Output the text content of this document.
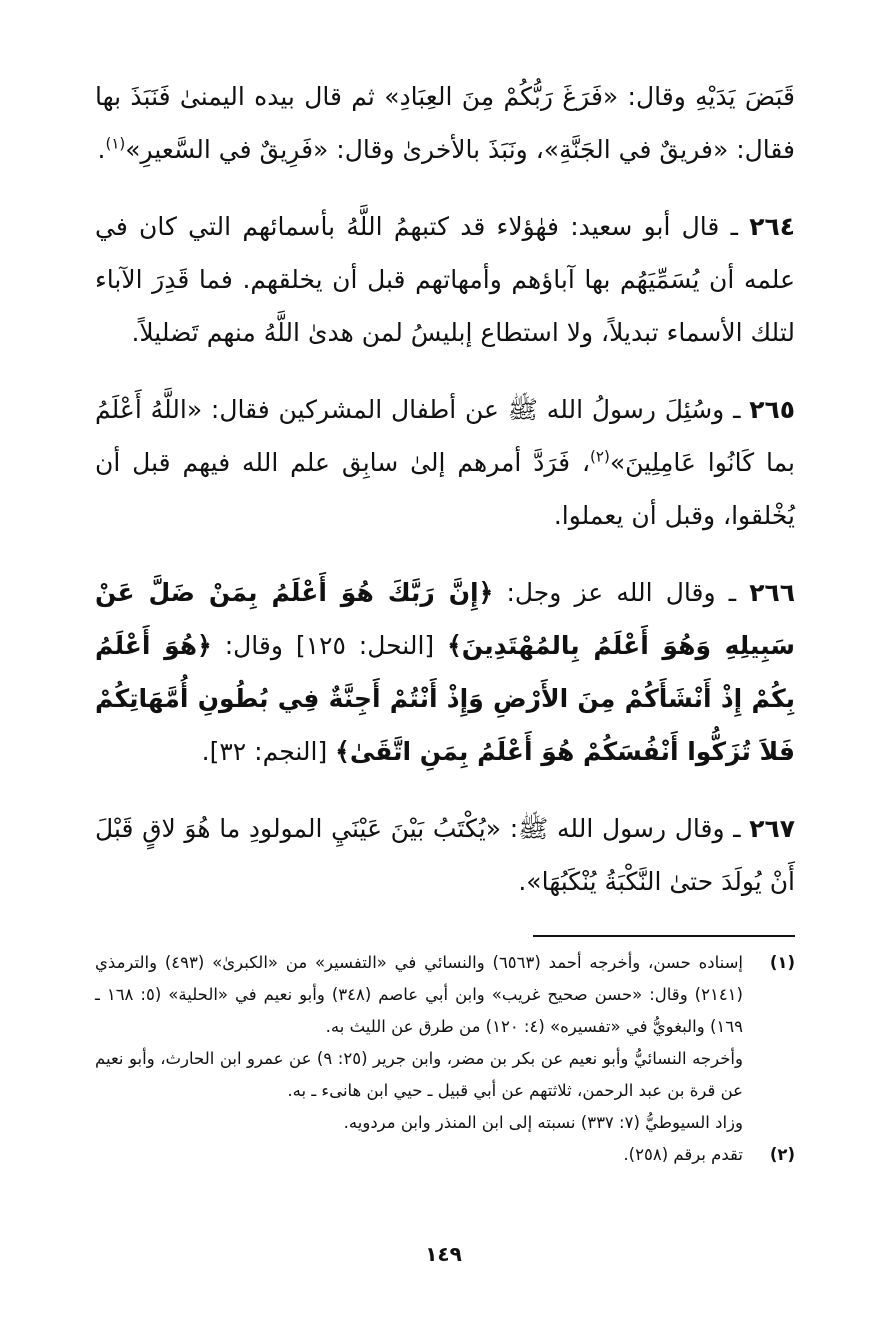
قَبَضَ يَدَيْهِ وقال: «فَرَغَ رَبُّكُمْ مِنَ العِبَادِ» ثم قال بيده اليمنىٰ فَنَبَذَ بها فقال: «فريقٌ في الجَنَّةِ»، ونَبَذَ بالأخرىٰ وقال: «فَرِيقٌ في السَّعيرِ»$^{(١)}$.

٢٦٤ ـ قال أبو سعيد: فهٰؤلاء قد كتبهمُ اللَّهُ بأسمائهم التي كان في علمه أن يُسَمِّيَهُم بها آباؤهم وأمهاتهم قبل أن يخلقهم. فما قَدِرَ الآباء لتلك الأسماء تبديلاً، ولا استطاع إبليسُ لمن هدىٰ اللَّهُ منهم تَضليلاً.

٢٦٥ ـ وسُئِلَ رسولُ الله ﷺ عن أطفال المشركين فقال: «اللَّهُ أَعْلَمُ بما كَانُوا عَامِلِينَ»$^{(٢)}$، فَرَدَّ أمرهم إلىٰ سابِق علم الله فيهم قبل أن يُخْلقوا، وقبل أن يعملوا.

٢٦٦ ـ وقال الله عز وجل: ﴿إِنَّ رَبَّكَ هُوَ أَعْلَمُ بِمَنْ ضَلَّ عَنْ سَبِيلِهِ وَهُوَ أَعْلَمُ بِالمُهْتَدِينَ﴾ [النحل: ١٢٥] وقال: ﴿هُوَ أَعْلَمُ بِكُمْ إِذْ أَنْشَأَكُمْ مِنَ الأَرْضِ وَإِذْ أَنْتُمْ أَجِنَّةٌ فِي بُطُونِ أُمَّهَاتِكُمْ فَلاَ تُزَكُّوا أَنْفُسَكُمْ هُوَ أَعْلَمُ بِمَنِ اتَّقَىٰ﴾ [النجم: ٣٢].

٢٦٧ ـ وقال رسول الله ﷺ: «يُكْتَبُ بَيْنَ عَيْنَيِ المولودِ ما هُوَ لاقٍ قَبْلَ أَنْ يُولَدَ حتىٰ النَّكْبَةُ يُنْكَبُهَا».

(١)

إسناده حسن، وأخرجه أحمد (٦٥٦٣) والنسائي في «التفسير» من «الكبرىٰ» (٤٩٣) والترمذي (٢١٤١) وقال: «حسن صحيح غريب» وابن أبي عاصم (٣٤٨) وأبو نعيم في «الحلية» (٥: ١٦٨ ـ ١٦٩) والبغويُّ في «تفسيره» (٤: ١٢٠) من طرق عن الليث به.

وأخرجه النسائيُّ وأبو نعيم عن بكر بن مضر، وابن جرير (٢٥: ٩) عن عمرو ابن الحارث، وأبو نعيم عن قرة بن عبد الرحمن، ثلاثتهم عن أبي قبيل ـ حيي ابن هانىء ـ به.

وزاد السيوطيُّ (٧: ٣٣٧) نسبته إلى ابن المنذر وابن مردويه.

(٢)

تقدم برقم (٢٥٨).

١٤٩
